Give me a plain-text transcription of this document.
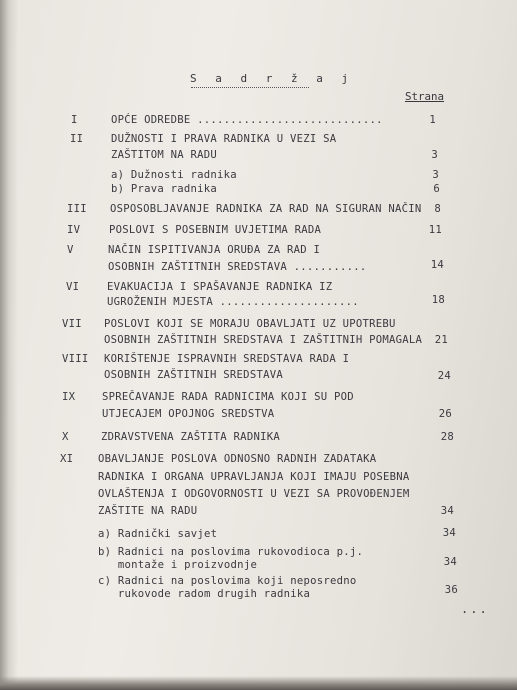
S a d r ž a j
Strana
I	OPĆE ODREDBE ............................	1
II	DUŽNOSTI I PRAVA RADNIKA U VEZI SA
ZAŠTITOM NA RADU	3
a) Dužnosti radnika	3
b) Prava radnika	6
III OSPOSOBLJAVANJE RADNIKA ZA RAD NA SIGURAN NAČIN	8
IV	POSLOVI S POSEBNIM UVJETIMA RADA	11
V	NAČIN ISPITIVANJA ORUĐA ZA RAD I
OSOBNIH ZAŠTITNIH SREDSTAVA ...........	14
VI	EVAKUACIJA I SPAŠAVANJE RADNIKA IZ
UGROŽENIH MJESTA .....................	18
VII POSLOVI KOJI SE MORAJU OBAVLJATI UZ UPOTREBU
OSOBNIH ZAŠTITNIH SREDSTAVA I ZAŠTITNIH POMAGALA	21
VIII KORIŠTENJE ISPRAVNIH SREDSTAVA RADA I
OSOBNIH ZAŠTITNIH SREDSTAVA	24
IX	SPREČAVANJE RADA RADNICIMA KOJI SU POD
UTJECAJEM OPOJNOG SREDSTVA	26
X	ZDRAVSTVENA ZAŠTITA RADNIKA	28
XI OBAVLJANJE POSLOVA ODNOSNO RADNIH ZADATAKA
RADNIKA I ORGANA UPRAVLJANJA KOJI IMAJU POSEBNA
OVLAŠTENJA I ODGOVORNOSTI U VEZI SA PROVOĐENJEM
ZAŠTITE NA RADU	34
a) Radnički savjet	34
b) Radnici na poslovima rukovodioca p.j.
montaže i proizvodnje	34
c) Radnici na poslovima koji neposredno
rukovode radom drugih radnika	36
...
